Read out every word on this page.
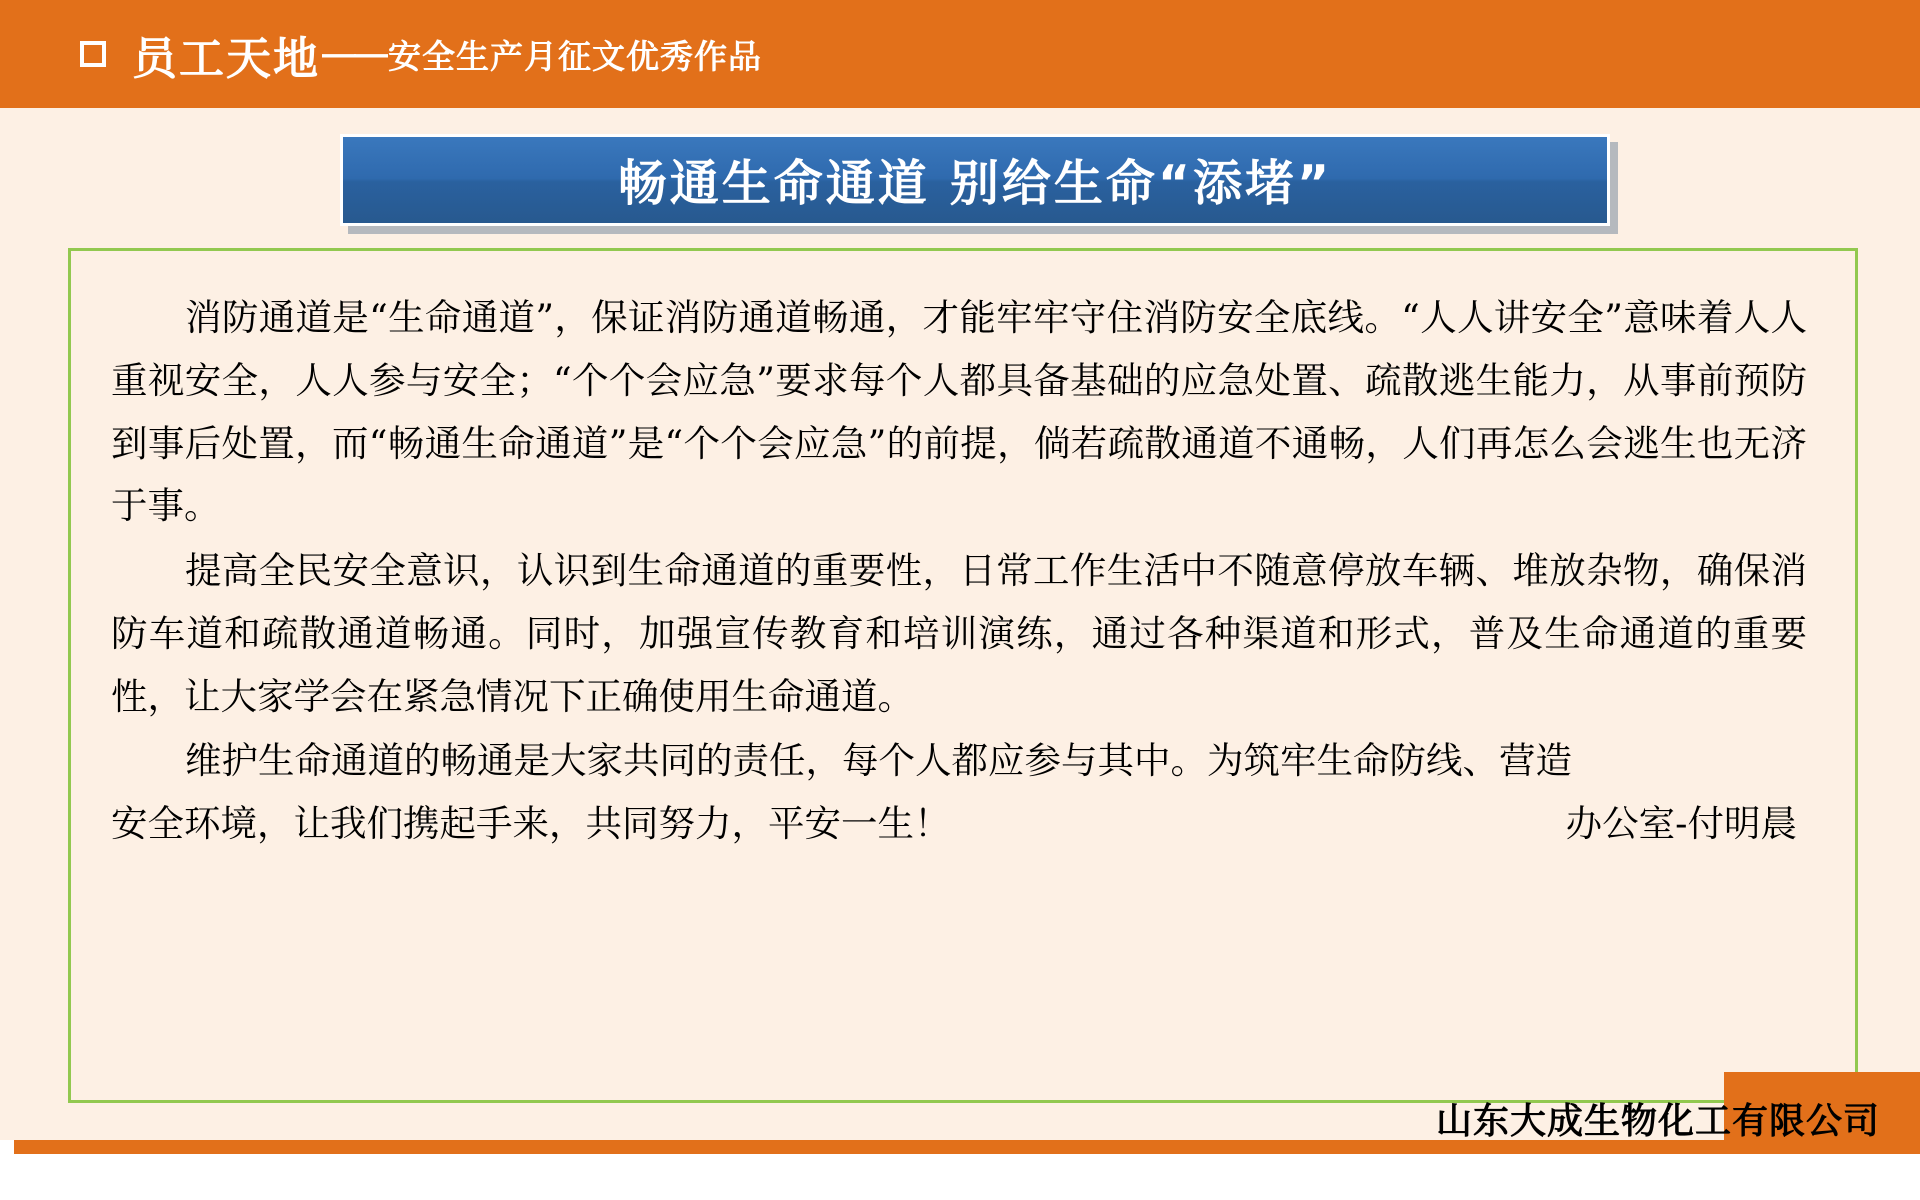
员工天地 —— 安全生产月征文优秀作品
畅通生命通道 别给生命“添堵”

消防通道是“生命通道”，保证消防通道畅通，才能牢牢守住消防安全底线。“人人讲安全”意味着人人重视安全，人人参与安全；“个个会应急”要求每个人都具备基础的应急处置、疏散逃生能力，从事前预防到事后处置，而“畅通生命通道”是“个个会应急”的前提，倘若疏散通道不通畅，人们再怎么会逃生也无济于事。

提高全民安全意识，认识到生命通道的重要性，日常工作生活中不随意停放车辆、堆放杂物，确保消防车道和疏散通道畅通。同时，加强宣传教育和培训演练，通过各种渠道和形式，普及生命通道的重要性，让大家学会在紧急情况下正确使用生命通道。

维护生命通道的畅通是大家共同的责任，每个人都应参与其中。为筑牢生命防线、营造

安全环境，让我们携起手来，共同努力，平安一生！	办公室-付明晨
山东大成生物化工有限公司
